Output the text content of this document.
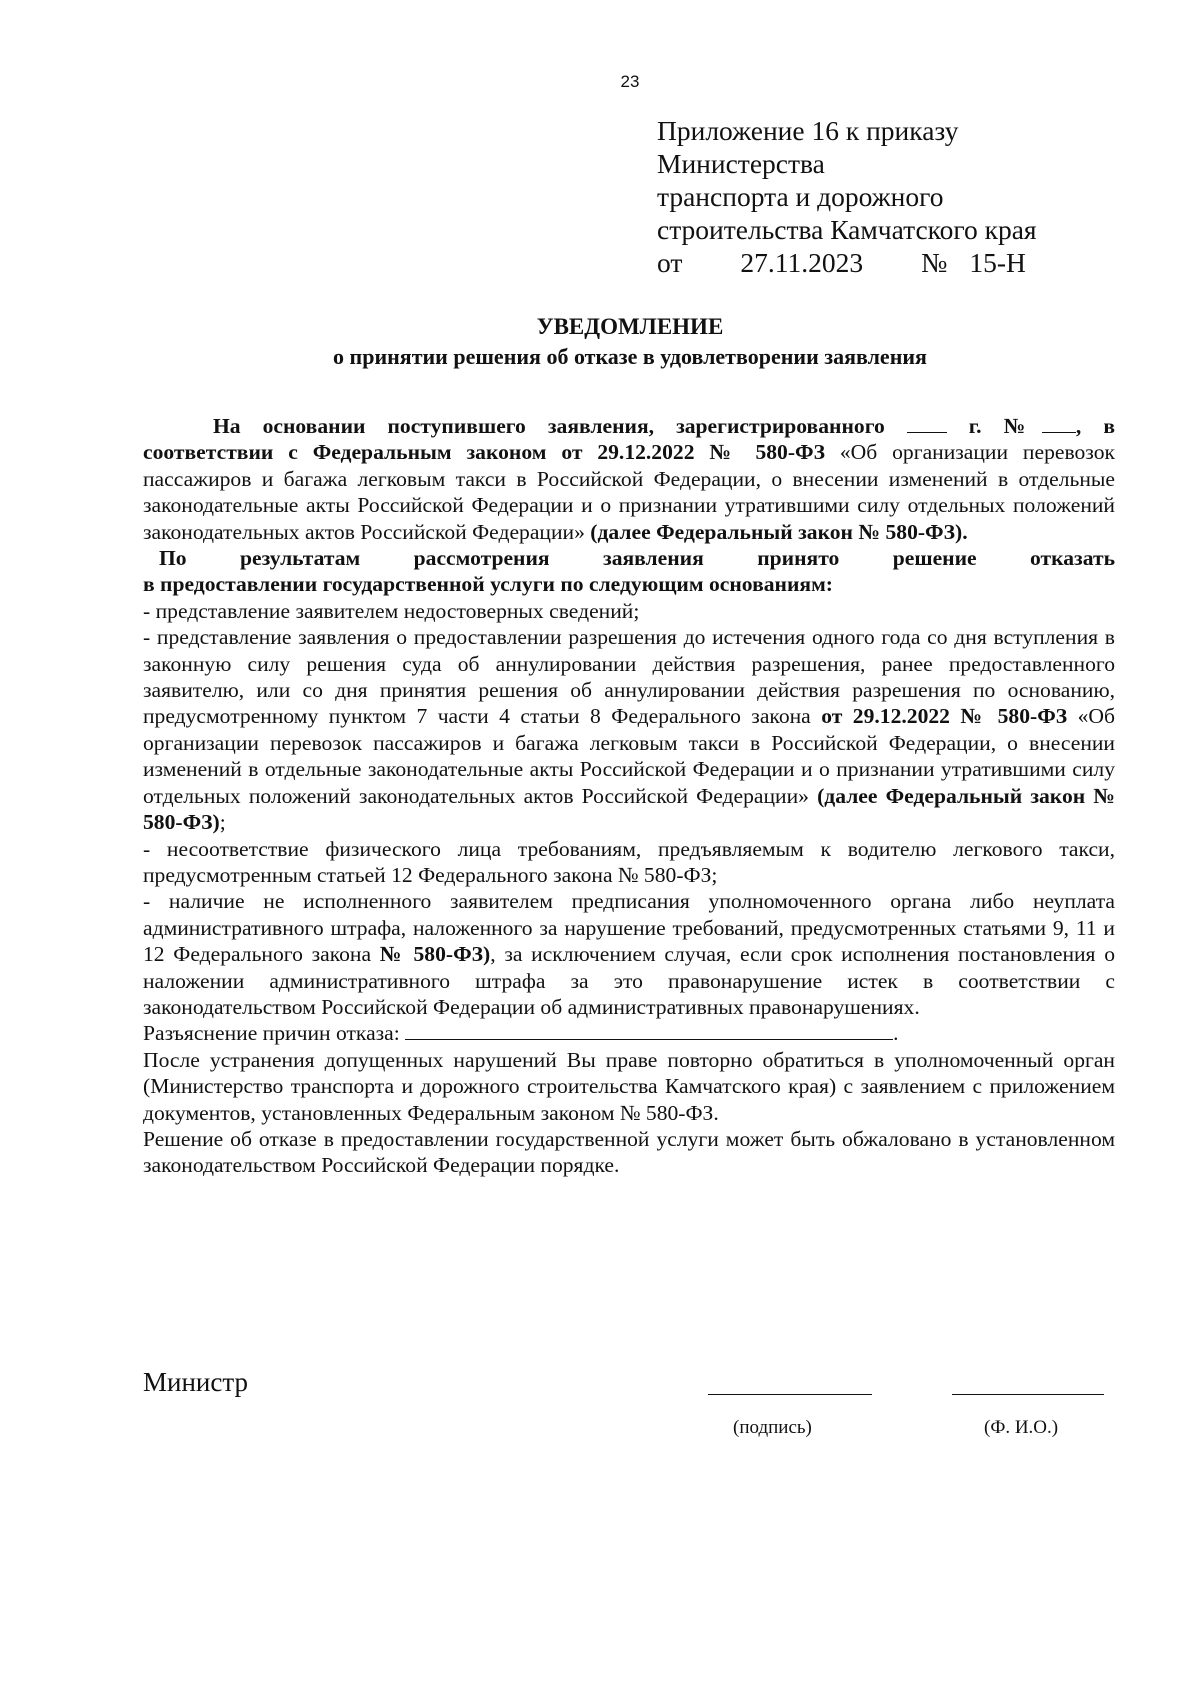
23
Приложение 16 к приказу
Министерства
транспорта и дорожного
строительства Камчатского края
от 27.11.2023 № 15-Н
УВЕДОМЛЕНИЕ
о принятии решения об отказе в удовлетворении заявления

На основании поступившего заявления, зарегистрированного	г. № , в

соответствии с Федеральным законом от 29.12.2022 № 580-ФЗ «Об организации перевозок пассажиров и багажа легковым такси в Российской Федерации, о внесении изменений в отдельные законодательные акты Российской Федерации и о признании утратившими силу отдельных положений законодательных актов Российской Федерации» (далее Федеральный закон № 580-ФЗ).

По результатам рассмотрения заявления принято решение отказать

в предоставлении государственной услуги по следующим основаниям:

- представление заявителем недостоверных сведений;

- представление заявления о предоставлении разрешения до истечения одного года со дня вступления в законную силу решения суда об аннулировании действия разрешения, ранее предоставленного заявителю, или со дня принятия решения об аннулировании действия разрешения по основанию, предусмотренному пунктом 7 части 4 статьи 8 Федерального закона от 29.12.2022 № 580-ФЗ «Об организации перевозок пассажиров и багажа легковым такси в Российской Федерации, о внесении изменений в отдельные законодательные акты Российской Федерации и о признании утратившими силу отдельных положений законодательных актов Российской Федерации» (далее Федеральный закон № 580-ФЗ);

- несоответствие физического лица требованиям, предъявляемым к водителю легкового такси, предусмотренным статьей 12 Федерального закона № 580-ФЗ;

- наличие не исполненного заявителем предписания уполномоченного органа либо неуплата административного штрафа, наложенного за нарушение требований, предусмотренных статьями 9, 11 и 12 Федерального закона № 580-ФЗ), за исключением случая, если срок исполнения постановления о наложении административного штрафа за это правонарушение истек в соответствии с законодательством Российской Федерации об административных правонарушениях.

Разъяснение причин отказа:	.

После устранения допущенных нарушений Вы праве повторно обратиться в уполномоченный орган (Министерство транспорта и дорожного строительства Камчатского края) с заявлением с приложением документов, установленных Федеральным законом № 580-ФЗ.

Решение об отказе в предоставлении государственной услуги может быть обжаловано в установленном законодательством Российской Федерации порядке.

Министр
(подпись)	(Ф. И.О.)
